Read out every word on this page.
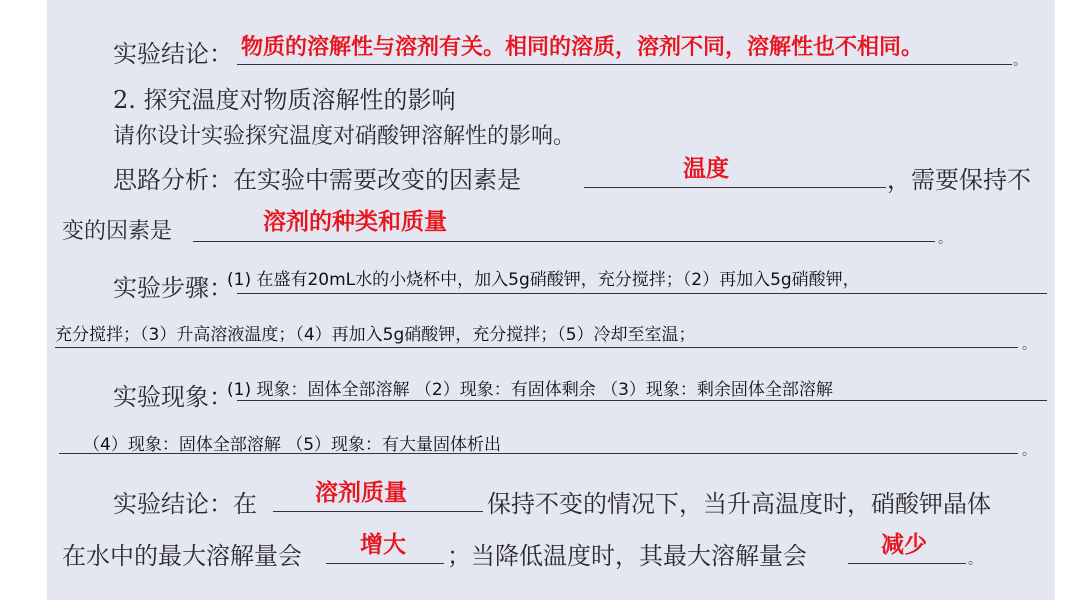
实验结论： 物质的溶解性与溶剂有关。相同的溶质，溶剂不同，溶解性也不相同。
。
2. 探究温度对物质溶解性的影响
请你设计实验探究温度对硝酸钾溶解性的影响。
思路分析：在实验中需要改变的因素是	温度	，需要保持不
变的因素是	溶剂的种类和质量
。
实验步骤：
(1) 在盛有20mL水的小烧杯中，加入5g硝酸钾，充分搅拌；（2）再加入5g硝酸钾，
充分搅拌；（3）升高溶液温度；（4）再加入5g硝酸钾，充分搅拌；（5）冷却至室温；	。
实验现象：
(1) 现象：固体全部溶解 （2）现象：有固体剩余 （3）现象：剩余固体全部溶解
（4）现象：固体全部溶解 （5）现象：有大量固体析出	。
实验结论：在	溶剂质量	保持不变的情况下，当升高温度时，硝酸钾晶体
在水中的最大溶解量会	增大 ；当降低温度时，其最大溶解量会	减少
。
